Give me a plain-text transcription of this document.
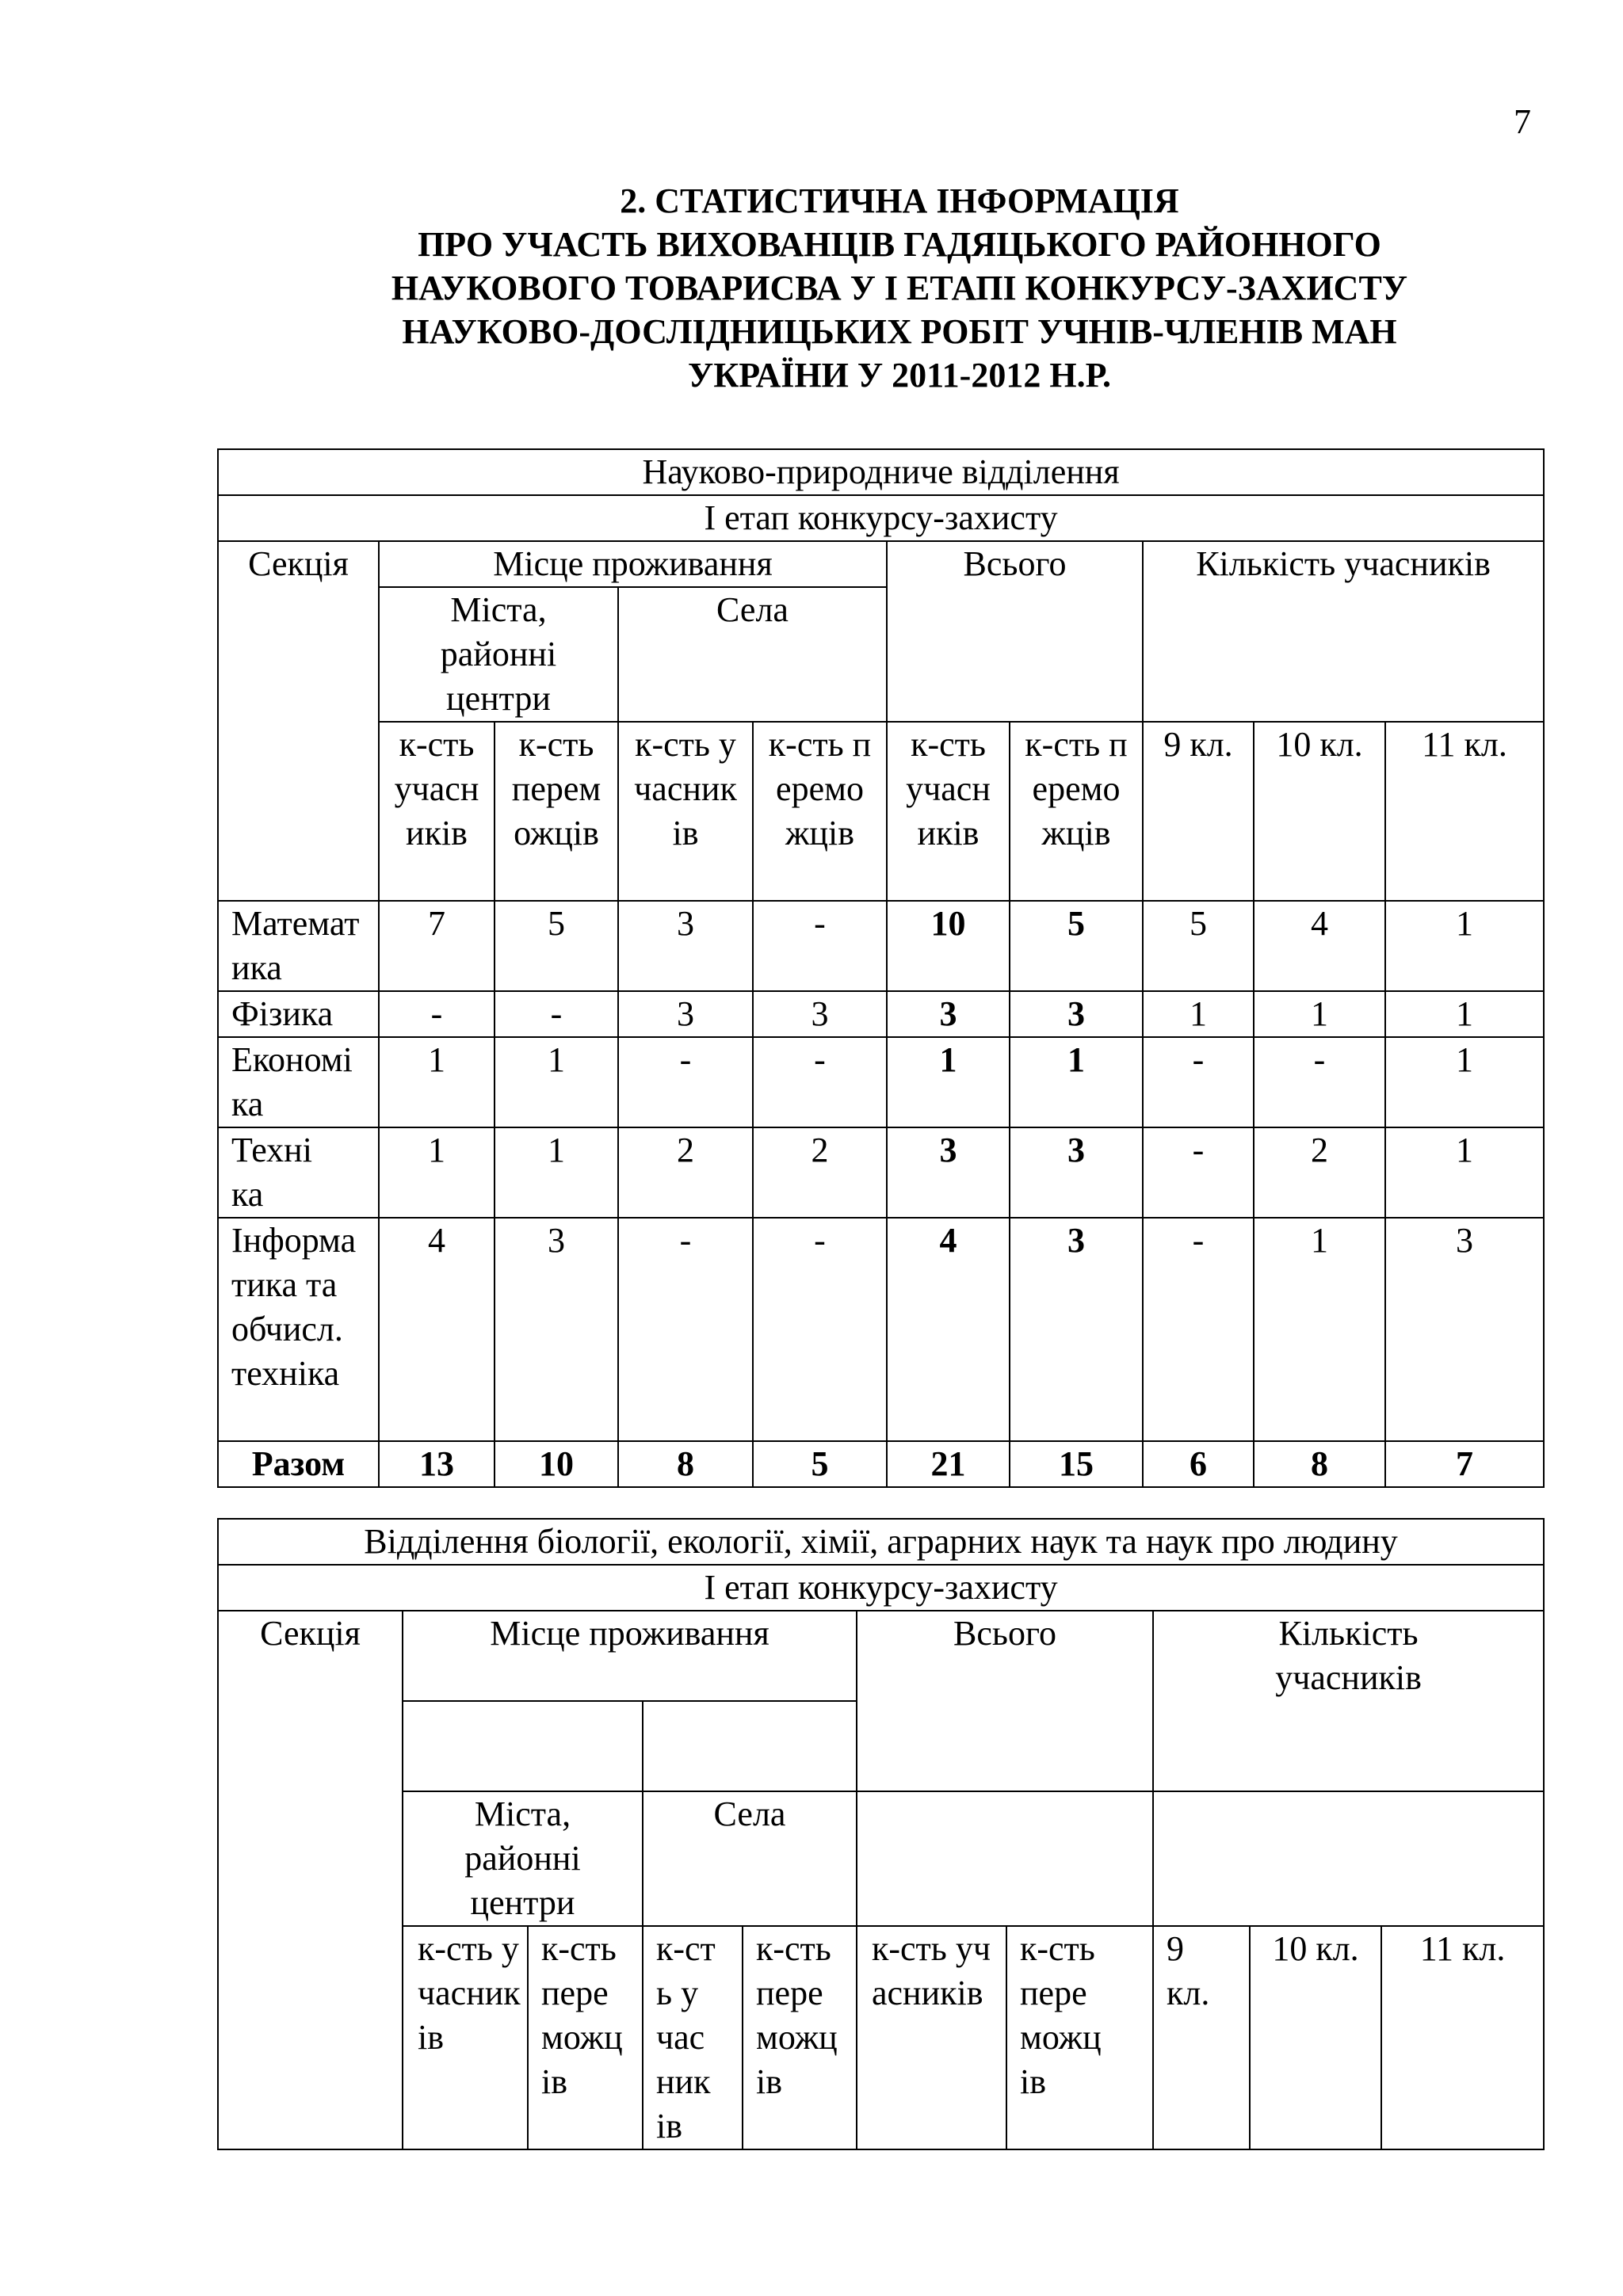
7
2. СТАТИСТИЧНА ІНФОРМАЦІЯ
ПРО УЧАСТЬ ВИХОВАНЦІВ ГАДЯЦЬКОГО РАЙОННОГО
НАУКОВОГО ТОВАРИСВА У І ЕТАПІ КОНКУРСУ-ЗАХИСТУ
НАУКОВО-ДОСЛІДНИЦЬКИХ РОБІТ УЧНІВ-ЧЛЕНІВ МАН
УКРАЇНИ У 2011-2012 Н.Р.
Науково-природниче відділення									
І етап конкурсу-захисту									
Секція	Місце проживання				Всього		Кількість учасників		

	Міста, районні центри		Села						

	к-сть учасників	к-сть переможців	к-сть учасників	к-сть переможців	к-сть учасників	к-сть переможців	9 кл.	10 кл.	11 кл.

Математика	7	5	3	-	10	5	5	4	1
Фізика	-	-	3	3	3	3	1	1	1

Економіка	1	1	-	-	1	1	-	-	1

Техніка	1	1	2	2	3	3	-	2	1

Інформатика та обчисл. техніка	4	3	-	-	4	3	-	1	3
Разом	13	10	8	5	21	15	6	8	7
Відділення біології, екології, хімії, аграрних наук та наук про людину									
І етап конкурсу-захисту									
Секція	Місце проживання				Всього		Кількість учасників		

	Міста, районні центри		Села						

	к-сть учасників	к-сть переможців	к-сть учасників	к-сть переможців	к-сть учасників	к-сть переможців	9 кл.	10 кл.	11 кл.
